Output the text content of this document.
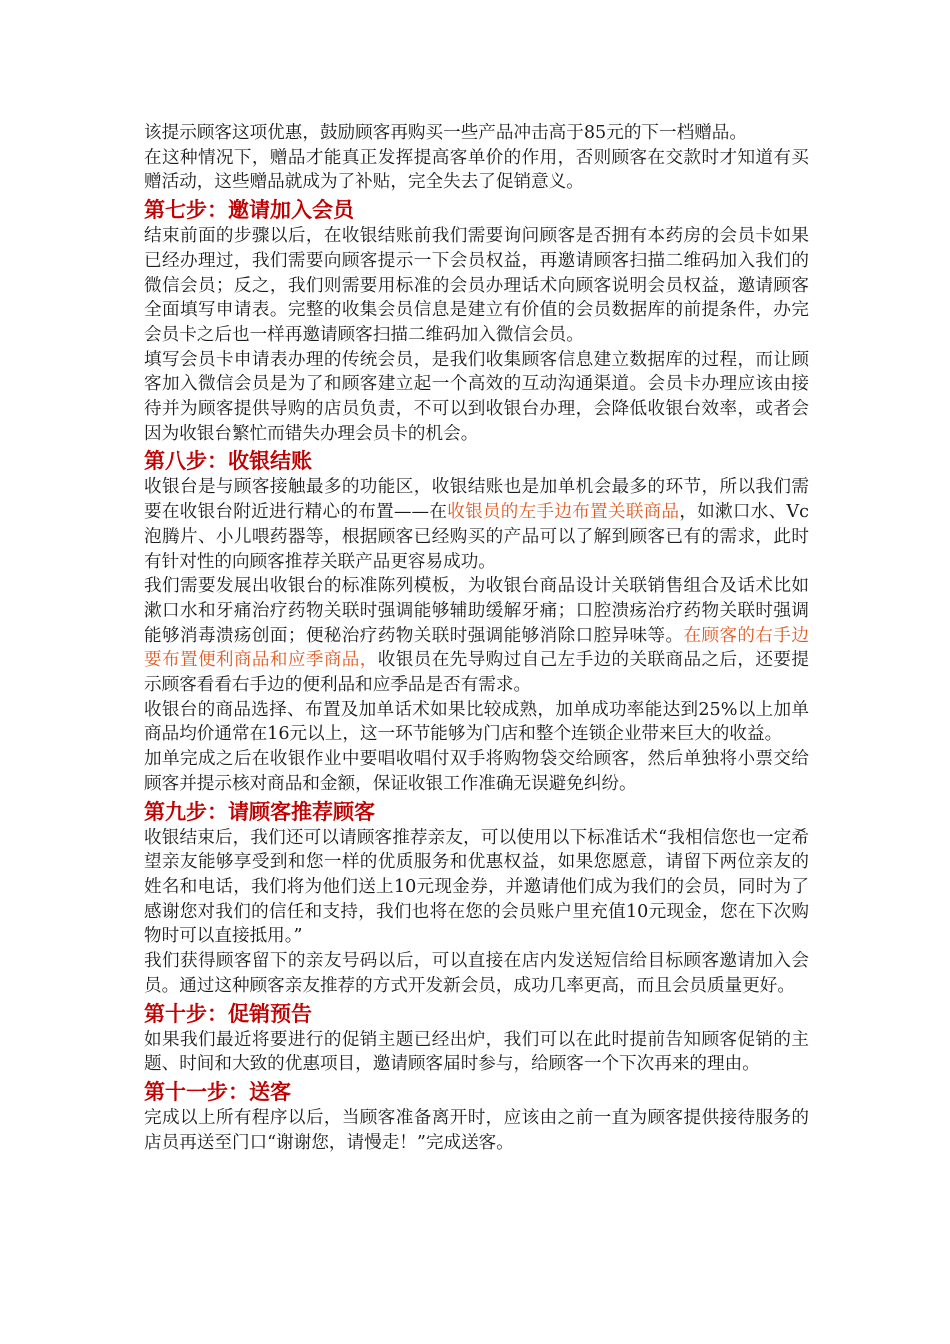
该提示顾客这项优惠，鼓励顾客再购买一些产品冲击高于85元的下一档赠品。

在这种情况下，赠品才能真正发挥提高客单价的作用，否则顾客在交款时才知道有买赠活动，这些赠品就成为了补贴，完全失去了促销意义。

第七步：邀请加入会员

结束前面的步骤以后，在收银结账前我们需要询问顾客是否拥有本药房的会员卡如果已经办理过，我们需要向顾客提示一下会员权益，再邀请顾客扫描二维码加入我们的微信会员；反之，我们则需要用标准的会员办理话术向顾客说明会员权益，邀请顾客全面填写申请表。完整的收集会员信息是建立有价值的会员数据库的前提条件，办完会员卡之后也一样再邀请顾客扫描二维码加入微信会员。

填写会员卡申请表办理的传统会员，是我们收集顾客信息建立数据库的过程，而让顾客加入微信会员是为了和顾客建立起一个高效的互动沟通渠道。会员卡办理应该由接待并为顾客提供导购的店员负责，不可以到收银台办理，会降低收银台效率，或者会因为收银台繁忙而错失办理会员卡的机会。

第八步：收银结账

收银台是与顾客接触最多的功能区，收银结账也是加单机会最多的环节，所以我们需要在收银台附近进行精心的布置——在收银员的左手边布置关联商品，如漱口水、Vc泡腾片、小儿喂药器等，根据顾客已经购买的产品可以了解到顾客已有的需求，此时有针对性的向顾客推荐关联产品更容易成功。

我们需要发展出收银台的标准陈列模板，为收银台商品设计关联销售组合及话术比如漱口水和牙痛治疗药物关联时强调能够辅助缓解牙痛；口腔溃疡治疗药物关联时强调能够消毒溃疡创面；便秘治疗药物关联时强调能够消除口腔异味等。在顾客的右手边要布置便利商品和应季商品，收银员在先导购过自己左手边的关联商品之后，还要提示顾客看看右手边的便利品和应季品是否有需求。

收银台的商品选择、布置及加单话术如果比较成熟，加单成功率能达到25%以上加单商品均价通常在16元以上，这一环节能够为门店和整个连锁企业带来巨大的收益。

加单完成之后在收银作业中要唱收唱付双手将购物袋交给顾客，然后单独将小票交给顾客并提示核对商品和金额，保证收银工作准确无误避免纠纷。

第九步：请顾客推荐顾客

收银结束后，我们还可以请顾客推荐亲友，可以使用以下标准话术“我相信您也一定希望亲友能够享受到和您一样的优质服务和优惠权益，如果您愿意，请留下两位亲友的姓名和电话，我们将为他们送上10元现金券，并邀请他们成为我们的会员，同时为了感谢您对我们的信任和支持，我们也将在您的会员账户里充值10元现金，您在下次购物时可以直接抵用。”

我们获得顾客留下的亲友号码以后，可以直接在店内发送短信给目标顾客邀请加入会员。通过这种顾客亲友推荐的方式开发新会员，成功几率更高，而且会员质量更好。

第十步：促销预告

如果我们最近将要进行的促销主题已经出炉，我们可以在此时提前告知顾客促销的主题、时间和大致的优惠项目，邀请顾客届时参与，给顾客一个下次再来的理由。

第十一步：送客

完成以上所有程序以后，当顾客准备离开时，应该由之前一直为顾客提供接待服务的店员再送至门口“谢谢您，请慢走！”完成送客。
